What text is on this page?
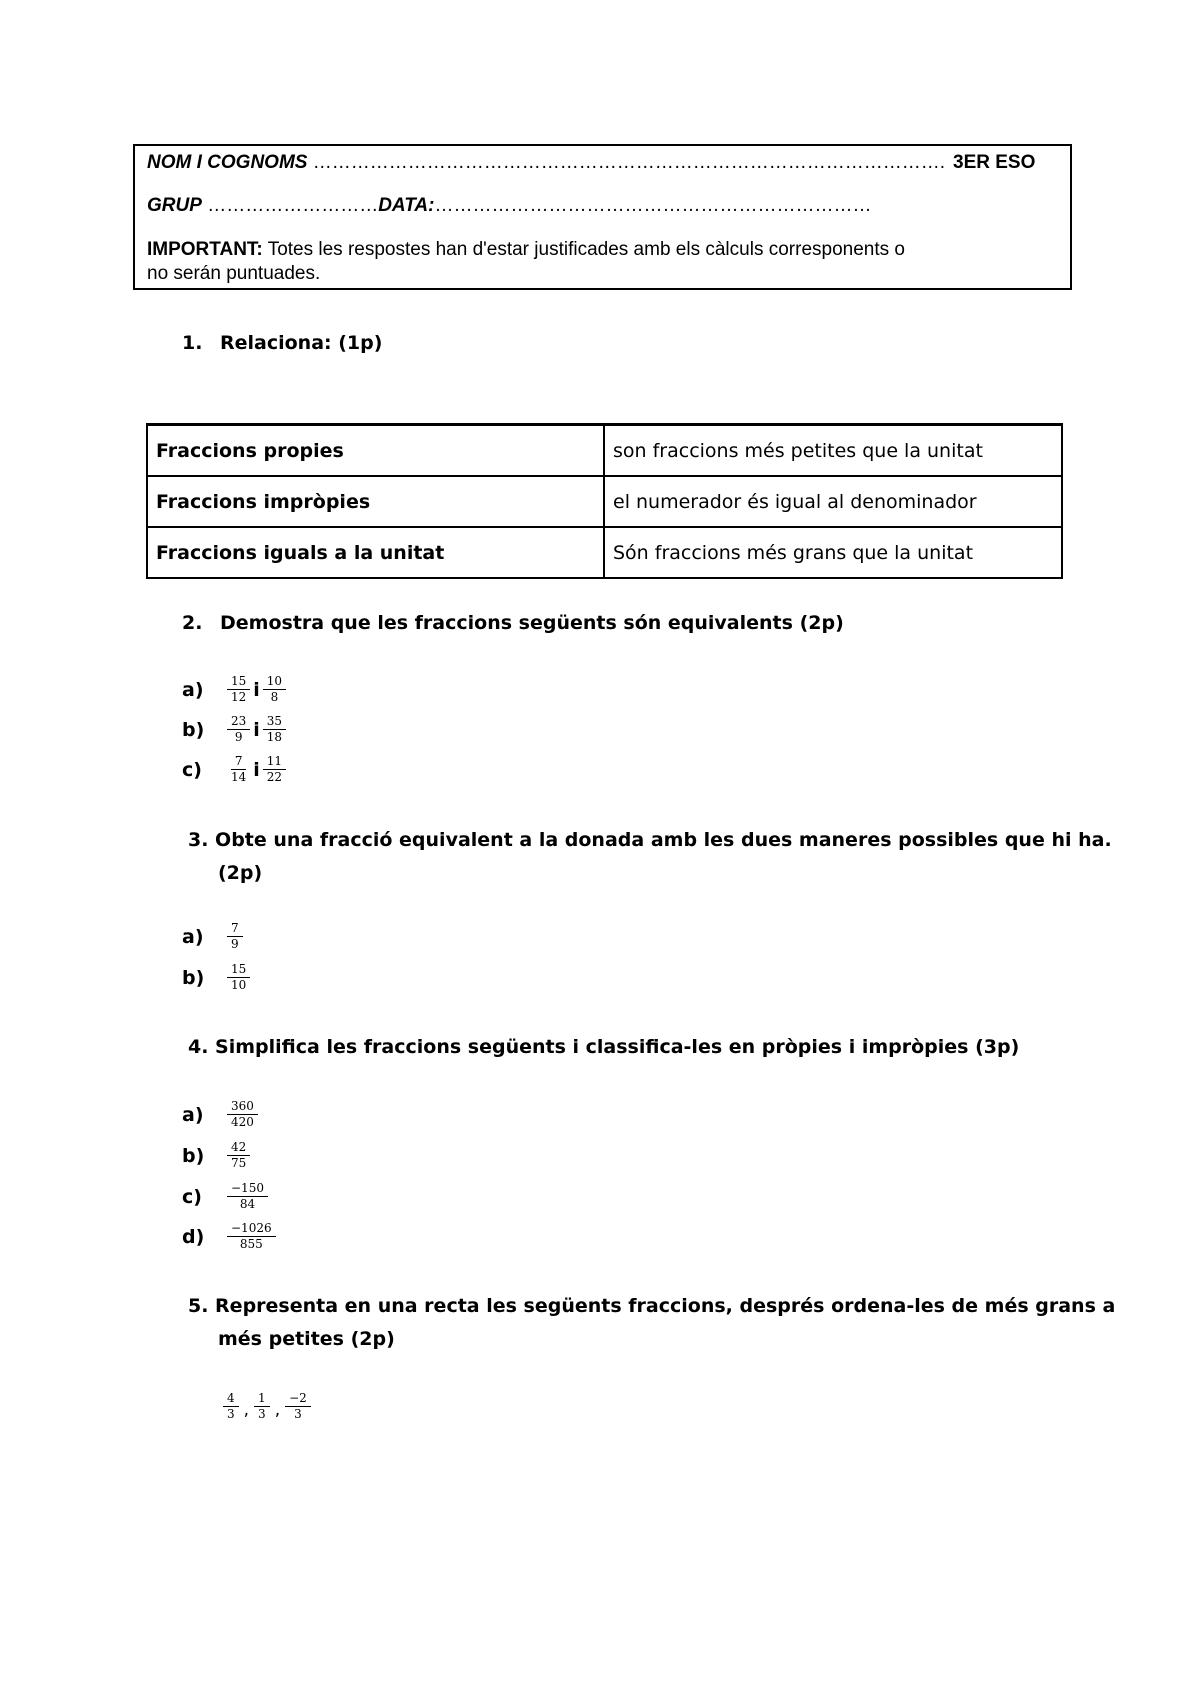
NOM I COGNOMS ………………………………………………………………………………………. 3ER ESO
GRUP ………………………DATA:……………………………………………………………
IMPORTANT: Totes les respostes han d'estar justificades amb els càlculs corresponents o
no serán puntuades.
1. Relaciona: (1p)
Fraccions propies	son fraccions més petites que la unitat
Fraccions impròpies	el numerador és igual al denominador
Fraccions iguals a la unitat	Són fraccions més grans que la unitat
2. Demostra que les fraccions següents són equivalents (2p)
a)	$\frac{15}{12}$ i $\frac{10}{8}$
b)	$\frac{23}{9}$ i $\frac{35}{18}$
c)	$\frac{7}{14}$ i $\frac{11}{22}$
3. Obte una fracció equivalent a la donada amb les dues maneres possibles que hi ha.
(2p)
a)	$\frac{7}{9}$
b)	$\frac{15}{10}$
4. Simplifica les fraccions següents i classifica-les en pròpies i impròpies (3p)
a)	$\frac{360}{420}$
b)	$\frac{42}{75}$
c)	$\frac{-150}{84}$
d)	$\frac{-1026}{855}$
5. Representa en una recta les següents fraccions, després ordena-les de més grans a
més petites (2p)
$\frac{4}{3}$ , $\frac{1}{3}$ , $\frac{-2}{3}$
